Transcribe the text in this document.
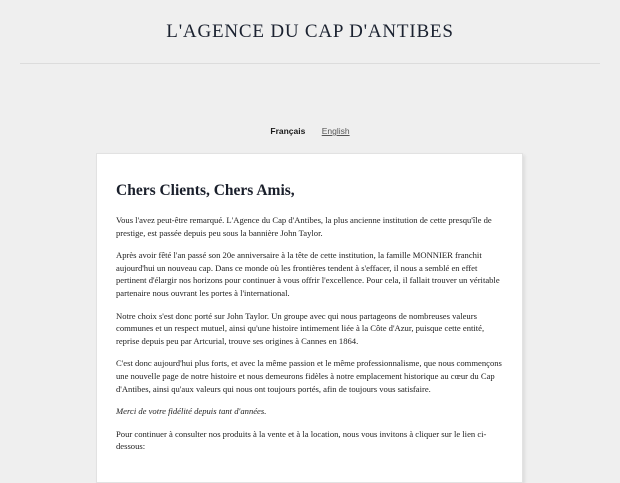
L'AGENCE DU CAP D'ANTIBES
Français English
Chers Clients, Chers Amis,

Vous l'avez peut-être remarqué. L'Agence du Cap d'Antibes, la plus ancienne institution de cette presqu'île de prestige, est passée depuis peu sous la bannière John Taylor.

Après avoir fêté l'an passé son 20e anniversaire à la tête de cette institution, la famille MONNIER franchit aujourd'hui un nouveau cap. Dans ce monde où les frontières tendent à s'effacer, il nous a semblé en effet pertinent d'élargir nos horizons pour continuer à vous offrir l'excellence. Pour cela, il fallait trouver un véritable partenaire nous ouvrant les portes à l'international.

Notre choix s'est donc porté sur John Taylor. Un groupe avec qui nous partageons de nombreuses valeurs communes et un respect mutuel, ainsi qu'une histoire intimement liée à la Côte d'Azur, puisque cette entité, reprise depuis peu par Artcurial, trouve ses origines à Cannes en 1864.

C'est donc aujourd'hui plus forts, et avec la même passion et le même professionnalisme, que nous commençons une nouvelle page de notre histoire et nous demeurons fidèles à notre emplacement historique au cœur du Cap d'Antibes, ainsi qu'aux valeurs qui nous ont toujours portés, afin de toujours vous satisfaire.

Merci de votre fidélité depuis tant d'années.

Pour continuer à consulter nos produits à la vente et à la location, nous vous invitons à cliquer sur le lien ci-dessous:
